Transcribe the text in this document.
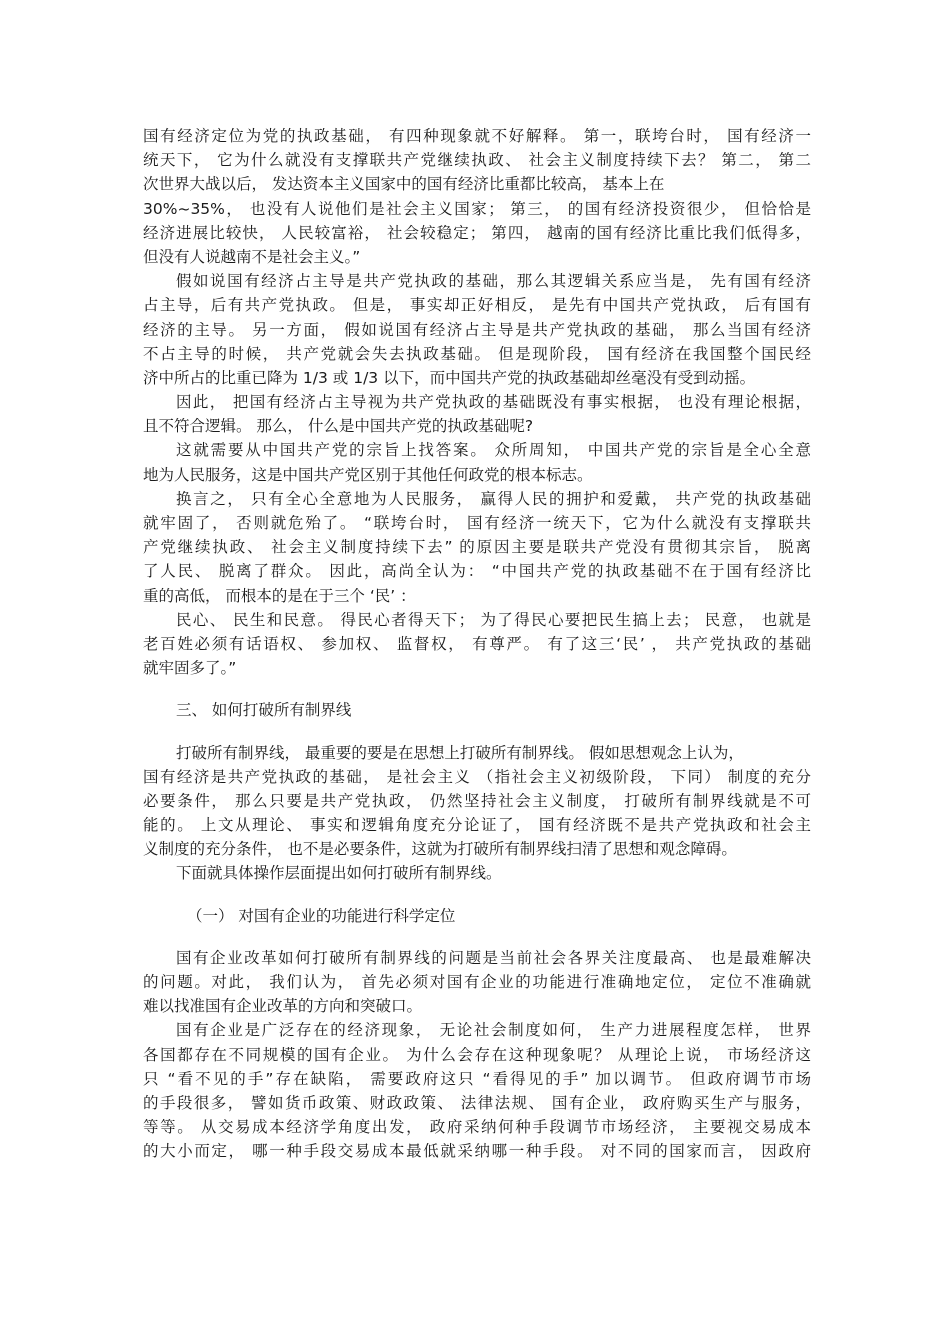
国有经济定位为党的执政基础， 有四种现象就不好解释。 第一，联垮台时， 国有经济一
统天下， 它为什么就没有支撑联共产党继续执政、 社会主义制度持续下去？ 第二， 第二
次世界大战以后， 发达资本主义国家中的国有经济比重都比较高， 基本上在
30%~35%， 也没有人说他们是社会主义国家； 第三， 的国有经济投资很少， 但恰恰是
经济进展比较快， 人民较富裕， 社会较稳定； 第四， 越南的国有经济比重比我们低得多，
但没有人说越南不是社会主义。”
假如说国有经济占主导是共产党执政的基础，那么其逻辑关系应当是， 先有国有经济
占主导，后有共产党执政。 但是， 事实却正好相反， 是先有中国共产党执政， 后有国有
经济的主导。 另一方面， 假如说国有经济占主导是共产党执政的基础， 那么当国有经济
不占主导的时候， 共产党就会失去执政基础。 但是现阶段， 国有经济在我国整个国民经
济中所占的比重已降为 1/3 或 1/3 以下，而中国共产党的执政基础却丝毫没有受到动摇。
因此， 把国有经济占主导视为共产党执政的基础既没有事实根据， 也没有理论根据，
且不符合逻辑。 那么， 什么是中国共产党的执政基础呢?
这就需要从中国共产党的宗旨上找答案。 众所周知， 中国共产党的宗旨是全心全意
地为人民服务，这是中国共产党区别于其他任何政党的根本标志。
换言之， 只有全心全意地为人民服务， 赢得人民的拥护和爱戴， 共产党的执政基础
就牢固了， 否则就危殆了。 “联垮台时， 国有经济一统天下，它为什么就没有支撑联共
产党继续执政、 社会主义制度持续下去” 的原因主要是联共产党没有贯彻其宗旨， 脱离
了人民、 脱离了群众。 因此，高尚全认为： “中国共产党的执政基础不在于国有经济比
重的高低， 而根本的是在于三个 ‘民’ ：
民心、 民生和民意。 得民心者得天下； 为了得民心要把民生搞上去； 民意， 也就是
老百姓必须有话语权、 参加权、 监督权， 有尊严。 有了这三‘民’ ， 共产党执政的基础
就牢固多了。”
三、 如何打破所有制界线
打破所有制界线， 最重要的要是在思想上打破所有制界线。 假如思想观念上认为，
国有经济是共产党执政的基础， 是社会主义 （指社会主义初级阶段， 下同） 制度的充分
必要条件， 那么只要是共产党执政， 仍然坚持社会主义制度， 打破所有制界线就是不可
能的。 上文从理论、 事实和逻辑角度充分论证了， 国有经济既不是共产党执政和社会主
义制度的充分条件， 也不是必要条件，这就为打破所有制界线扫清了思想和观念障碍。
下面就具体操作层面提出如何打破所有制界线。
（一） 对国有企业的功能进行科学定位
国有企业改革如何打破所有制界线的问题是当前社会各界关注度最高、 也是最难解决
的问题。对此， 我们认为， 首先必须对国有企业的功能进行准确地定位， 定位不准确就
难以找准国有企业改革的方向和突破口。
国有企业是广泛存在的经济现象， 无论社会制度如何， 生产力进展程度怎样， 世界
各国都存在不同规模的国有企业。 为什么会存在这种现象呢？ 从理论上说， 市场经济这
只 “看不见的手”存在缺陷， 需要政府这只 “看得见的手” 加以调节。 但政府调节市场
的手段很多， 譬如货币政策、财政政策、 法律法规、 国有企业， 政府购买生产与服务，
等等。 从交易成本经济学角度出发， 政府采纳何种手段调节市场经济， 主要视交易成本
的大小而定， 哪一种手段交易成本最低就采纳哪一种手段。 对不同的国家而言， 因政府
